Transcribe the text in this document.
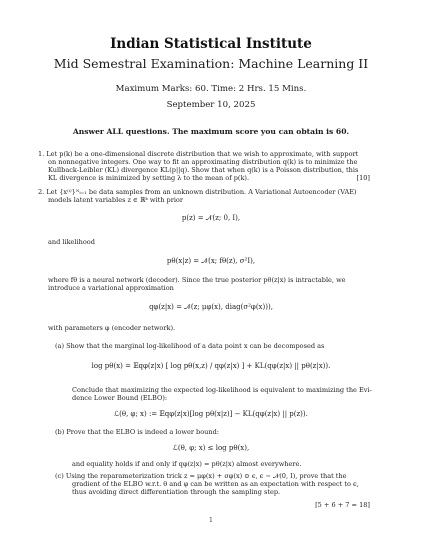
Indian Statistical Institute
Mid Semestral Examination: Machine Learning II
Maximum Marks: 60. Time: 2 Hrs. 15 Mins.
September 10, 2025
Answer ALL questions. The maximum score you can obtain is 60.
1. Let p(k) be a one-dimensional discrete distribution that we wish to approximate, with support
on nonnegative integers. One way to fit an approximating distribution q(k) is to minimize the
Kullback-Leibler (KL) divergence KL(p||q). Show that when q(k) is a Poisson distribution, this
KL divergence is minimized by setting λ to the mean of p(k).	[10]
2. Let {x⁽ⁱ⁾}ᴺᵢ₌₁ be data samples from an unknown distribution. A Variational Autoencoder (VAE)
models latent variables z ∈ ℝᵏ with prior
p(z) = 𝒩(z; 0, I),
and likelihood
pθ(x|z) = 𝒩(x; fθ(z), σ²I),
where fθ is a neural network (decoder). Since the true posterior pθ(z|x) is intractable, we
introduce a variational approximation
qφ(z|x) = 𝒩(z; μφ(x), diag(σ²φ(x))),
with parameters φ (encoder network).
(a) Show that the marginal log-likelihood of a data point x can be decomposed as
log pθ(x) = 𝔼qφ(z|x) [ log pθ(x,z) / qφ(z|x) ] + KL(qφ(z|x) || pθ(z|x)).
Conclude that maximizing the expected log-likelihood is equivalent to maximizing the Evi-
dence Lower Bound (ELBO):
ℒ(θ, φ; x) := 𝔼qφ(z|x)[log pθ(x|z)] − KL(qφ(z|x) || p(z)).
(b) Prove that the ELBO is indeed a lower bound:
ℒ(θ, φ; x) ≤ log pθ(x),
and equality holds if and only if qφ(z|x) = pθ(z|x) almost everywhere.
(c) Using the reparameterization trick z = μφ(x) + σφ(x) ⊙ ϵ, ϵ ∼ 𝒩(0, I), prove that the
gradient of the ELBO w.r.t. θ and φ can be written as an expectation with respect to ϵ,
thus avoiding direct differentiation through the sampling step.
[5 + 6 + 7 = 18]
1
